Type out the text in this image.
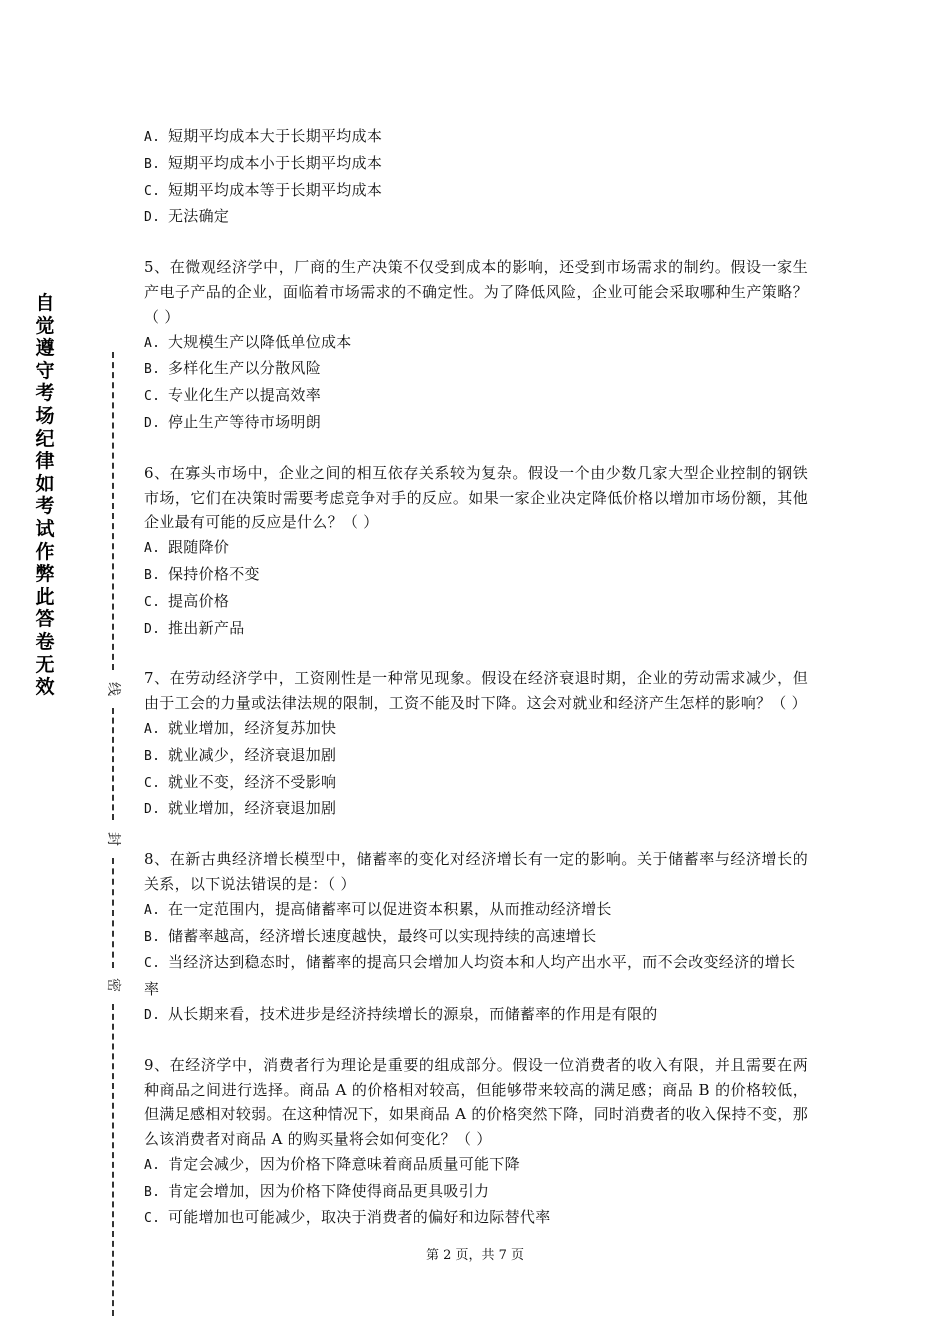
自觉遵守考场纪律如考试作弊此答卷无效	线
封
密

A. 短期平均成本大于长期平均成本

B. 短期平均成本小于长期平均成本

C. 短期平均成本等于长期平均成本

D. 无法确定

5、在微观经济学中，厂商的生产决策不仅受到成本的影响，还受到市场需求的制约。假设一家生产电子产品的企业，面临着市场需求的不确定性。为了降低风险，企业可能会采取哪种生产策略？（ ）

A. 大规模生产以降低单位成本

B. 多样化生产以分散风险

C. 专业化生产以提高效率

D. 停止生产等待市场明朗

6、在寡头市场中，企业之间的相互依存关系较为复杂。假设一个由少数几家大型企业控制的钢铁市场，它们在决策时需要考虑竞争对手的反应。如果一家企业决定降低价格以增加市场份额，其他企业最有可能的反应是什么？（ ）

A. 跟随降价

B. 保持价格不变

C. 提高价格

D. 推出新产品

7、在劳动经济学中，工资刚性是一种常见现象。假设在经济衰退时期，企业的劳动需求减少，但由于工会的力量或法律法规的限制，工资不能及时下降。这会对就业和经济产生怎样的影响？（ ）

A. 就业增加，经济复苏加快

B. 就业减少，经济衰退加剧

C. 就业不变，经济不受影响

D. 就业增加，经济衰退加剧

8、在新古典经济增长模型中，储蓄率的变化对经济增长有一定的影响。关于储蓄率与经济增长的关系，以下说法错误的是：（ ）

A. 在一定范围内，提高储蓄率可以促进资本积累，从而推动经济增长

B. 储蓄率越高，经济增长速度越快，最终可以实现持续的高速增长

C. 当经济达到稳态时，储蓄率的提高只会增加人均资本和人均产出水平，而不会改变经济的增长率

D. 从长期来看，技术进步是经济持续增长的源泉，而储蓄率的作用是有限的

9、在经济学中，消费者行为理论是重要的组成部分。假设一位消费者的收入有限，并且需要在两种商品之间进行选择。商品 A 的价格相对较高，但能够带来较高的满足感；商品 B 的价格较低，但满足感相对较弱。在这种情况下，如果商品 A 的价格突然下降，同时消费者的收入保持不变，那么该消费者对商品 A 的购买量将会如何变化？（ ）

A. 肯定会减少，因为价格下降意味着商品质量可能下降

B. 肯定会增加，因为价格下降使得商品更具吸引力

C. 可能增加也可能减少，取决于消费者的偏好和边际替代率

第 2 页，共 7 页
